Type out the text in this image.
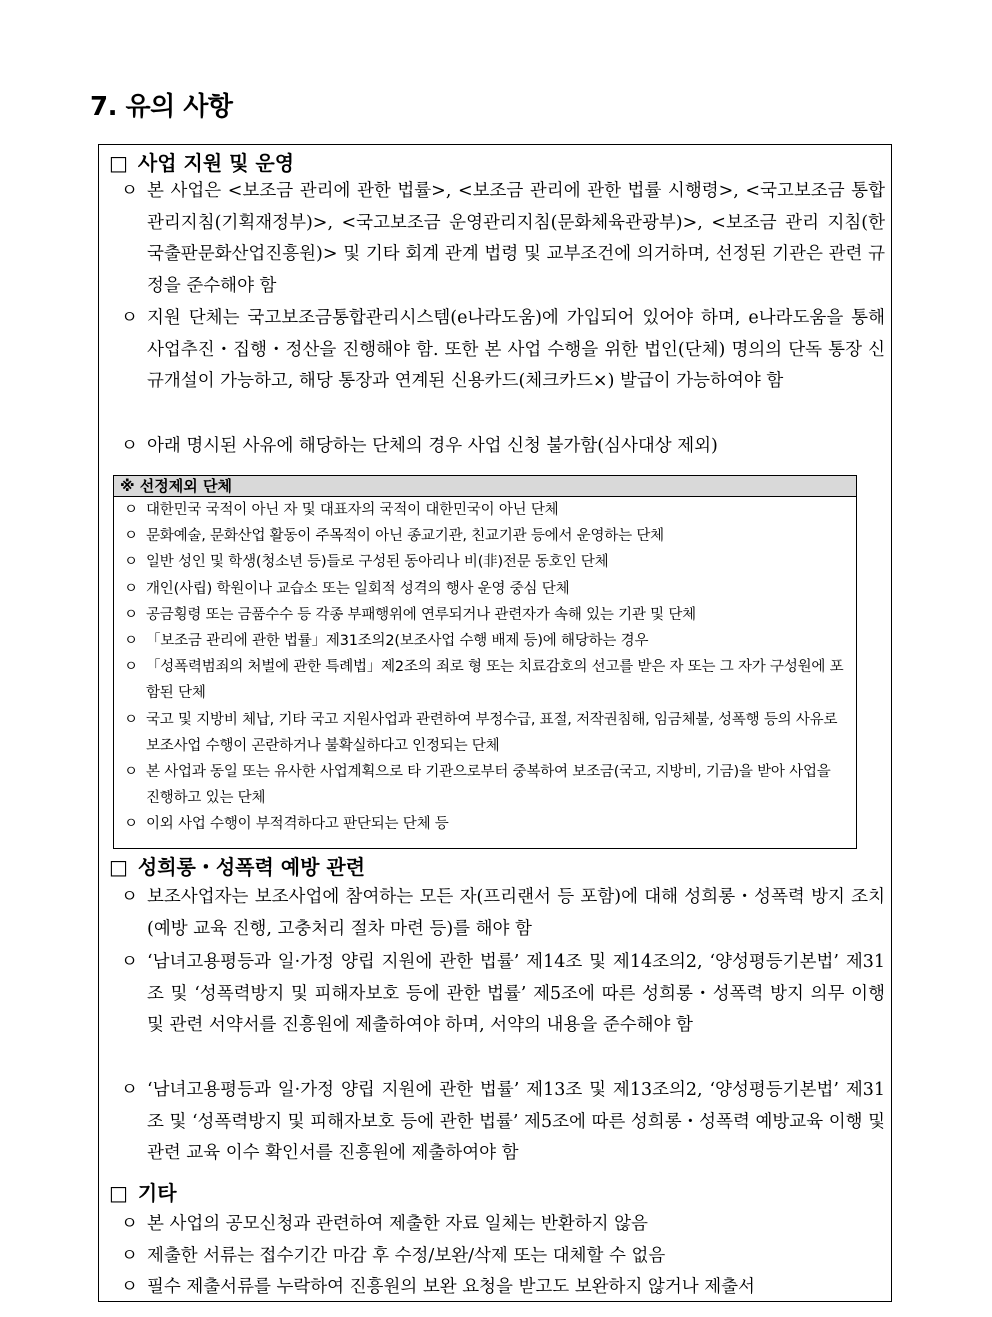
7. 유의 사항
□ 사업 지원 및 운영
ㅇ 본 사업은 <보조금 관리에 관한 법률>, <보조금 관리에 관한 법률 시행령>, <국고보조금 통합관리지침(기획재정부)>, <국고보조금 운영관리지침(문화체육관광부)>, <보조금 관리 지침(한국출판문화산업진흥원)> 및 기타 회계 관계 법령 및 교부조건에 의거하며, 선정된 기관은 관련 규정을 준수해야 함
ㅇ 지원 단체는 국고보조금통합관리시스템(e나라도움)에 가입되어 있어야 하며, e나라도움을 통해 사업추진・집행・정산을 진행해야 함. 또한 본 사업 수행을 위한 법인(단체) 명의의 단독 통장 신규개설이 가능하고, 해당 통장과 연계된 신용카드(체크카드×) 발급이 가능하여야 함
ㅇ 아래 명시된 사유에 해당하는 단체의 경우 사업 신청 불가함(심사대상 제외)
※ 선정제외 단체
ㅇ 대한민국 국적이 아닌 자 및 대표자의 국적이 대한민국이 아닌 단체
ㅇ 문화예술, 문화산업 활동이 주목적이 아닌 종교기관, 친교기관 등에서 운영하는 단체
ㅇ 일반 성인 및 학생(청소년 등)들로 구성된 동아리나 비(非)전문 동호인 단체
ㅇ 개인(사립) 학원이나 교습소 또는 일회적 성격의 행사 운영 중심 단체
ㅇ 공금횡령 또는 금품수수 등 각종 부패행위에 연루되거나 관련자가 속해 있는 기관 및 단체
ㅇ 「보조금 관리에 관한 법률」제31조의2(보조사업 수행 배제 등)에 해당하는 경우
ㅇ 「성폭력범죄의 처벌에 관한 특례법」제2조의 죄로 형 또는 치료감호의 선고를 받은 자 또는 그 자가 구성원에 포함된 단체
ㅇ 국고 및 지방비 체납, 기타 국고 지원사업과 관련하여 부정수급, 표절, 저작권침해, 임금체불, 성폭행 등의 사유로 보조사업 수행이 곤란하거나 불확실하다고 인정되는 단체
ㅇ 본 사업과 동일 또는 유사한 사업계획으로 타 기관으로부터 중복하여 보조금(국고, 지방비, 기금)을 받아 사업을 진행하고 있는 단체
ㅇ 이외 사업 수행이 부적격하다고 판단되는 단체 등
□ 성희롱・성폭력 예방 관련
ㅇ 보조사업자는 보조사업에 참여하는 모든 자(프리랜서 등 포함)에 대해 성희롱・성폭력 방지 조치(예방 교육 진행, 고충처리 절차 마련 등)를 해야 함
ㅇ ‘남녀고용평등과 일·가정 양립 지원에 관한 법률’ 제14조 및 제14조의2, ‘양성평등기본법’ 제31조 및 ‘성폭력방지 및 피해자보호 등에 관한 법률’ 제5조에 따른 성희롱・성폭력 방지 의무 이행 및 관련 서약서를 진흥원에 제출하여야 하며, 서약의 내용을 준수해야 함
ㅇ ‘남녀고용평등과 일·가정 양립 지원에 관한 법률’ 제13조 및 제13조의2, ‘양성평등기본법’ 제31조 및 ‘성폭력방지 및 피해자보호 등에 관한 법률’ 제5조에 따른 성희롱・성폭력 예방교육 이행 및 관련 교육 이수 확인서를 진흥원에 제출하여야 함
□ 기타
ㅇ 본 사업의 공모신청과 관련하여 제출한 자료 일체는 반환하지 않음
ㅇ 제출한 서류는 접수기간 마감 후 수정/보완/삭제 또는 대체할 수 없음
ㅇ 필수 제출서류를 누락하여 진흥원의 보완 요청을 받고도 보완하지 않거나 제출서
